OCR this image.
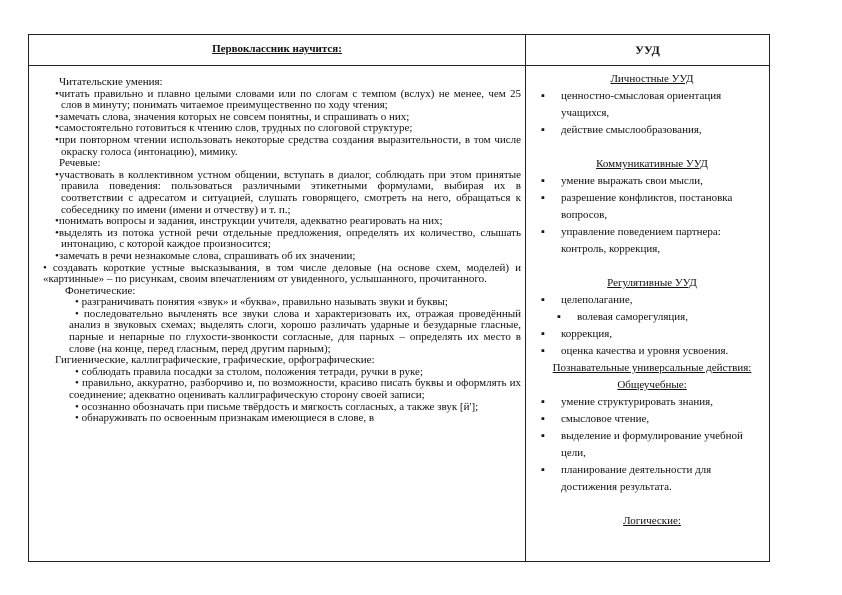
Первоклассник научится:	УУД

Читательские умения:

•читать правильно и плавно целыми словами или по слогам с темпом (вслух) не менее, чем 25 слов в минуту; понимать читаемое преимущественно по ходу чтения;

•замечать слова, значения которых не совсем понятны, и спрашивать о них;

•самостоятельно готовиться к чтению слов, трудных по слоговой структуре;

•при повторном чтении использовать некоторые средства создания выразительности, в том числе окраску голоса (интонацию), мимику.

Речевые:

•участвовать в коллективном устном общении, вступать в диалог, соблюдать при этом принятые правила поведения: пользоваться различными этикетными формулами, выбирая их в соответствии с адресатом и ситуацией, слушать говорящего, смотреть на него, обращаться к собеседнику по имени (имени и отчеству) и т. п.;

•понимать вопросы и задания, инструкции учителя, адекватно реагировать на них;

•выделять из потока устной речи отдельные предложения, определять их количество, слышать интонацию, с которой каждое произносится;

•замечать в речи незнакомые слова, спрашивать об их значении;

• создавать короткие устные высказывания, в том числе деловые (на основе схем, моделей) и «картинные» – по рисункам, своим впечатлениям от увиденного, услышанного, прочитанного.

Фонетические:

• разграничивать понятия «звук» и «буква», правильно называть звуки и буквы;

• последовательно вычленять все звуки слова и характеризовать их, отражая проведённый анализ в звуковых схемах; выделять слоги, хорошо различать ударные и безударные гласные, парные и непарные по глухости-звонкости согласные, для парных – определять их место в слове (на конце, перед гласным, перед другим парным);

Гигиенические, каллиграфические, графические, орфографические:

• соблюдать правила посадки за столом, положения тетради, ручки в руке;

• правильно, аккуратно, разборчиво и, по возможности, красиво писать буквы и оформлять их соединение; адекватно оценивать каллиграфическую сторону своей записи;

• осознанно обозначать при письме твёрдость и мягкость согласных, а также звук [й'];

• обнаруживать по освоенным признакам имеющиеся в слове, в

Личностные УУД
▪ ценностно-смысловая ориентация учащихся,
▪ действие смыслообразования,
Коммуникативные УУД
▪ умение выражать свои мысли,
▪ разрешение конфликтов, постановка вопросов,
▪ управление поведением партнера: контроль, коррекция,
Регулятивные УУД
▪ целеполагание,
▪ волевая саморегуляция,
▪ коррекция,
▪ оценка качества и уровня усвоения.
Познавательные универсальные действия:
Общеучебные:
▪ умение структурировать знания,
▪ смысловое чтение,
▪ выделение и формулирование учебной цели,
▪ планирование деятельности для достижения результата.
Логические:
